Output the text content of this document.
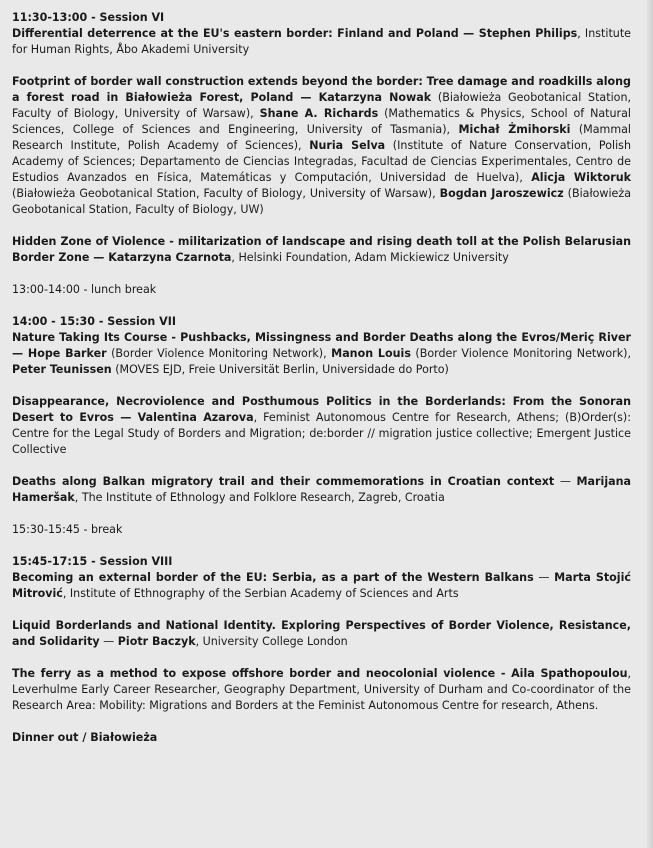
11:30-13:00 - Session VI

Differential deterrence at the EU's eastern border: Finland and Poland — Stephen Philips, Institute for Human Rights, Åbo Akademi University

Footprint of border wall construction extends beyond the border: Tree damage and roadkills along a forest road in Białowieża Forest, Poland — Katarzyna Nowak (Białowieża Geobotanical Station, Faculty of Biology, University of Warsaw), Shane A. Richards (Mathematics & Physics, School of Natural Sciences, College of Sciences and Engineering, University of Tasmania), Michał Żmihorski (Mammal Research Institute, Polish Academy of Sciences), Nuria Selva (Institute of Nature Conservation, Polish Academy of Sciences; Departamento de Ciencias Integradas, Facultad de Ciencias Experimentales, Centro de Estudios Avanzados en Física, Matemáticas y Computación, Universidad de Huelva), Alicja Wiktoruk (Białowieża Geobotanical Station, Faculty of Biology, University of Warsaw), Bogdan Jaroszewicz (Białowieża Geobotanical Station, Faculty of Biology, UW)

Hidden Zone of Violence - militarization of landscape and rising death toll at the Polish Belarusian Border Zone — Katarzyna Czarnota, Helsinki Foundation, Adam Mickiewicz University

13:00-14:00 - lunch break

14:00 - 15:30 - Session VII

Nature Taking Its Course - Pushbacks, Missingness and Border Deaths along the Evros/Meriç River — Hope Barker (Border Violence Monitoring Network), Manon Louis (Border Violence Monitoring Network), Peter Teunissen (MOVES EJD, Freie Universität Berlin, Universidade do Porto)

Disappearance, Necroviolence and Posthumous Politics in the Borderlands: From the Sonoran Desert to Evros — Valentina Azarova, Feminist Autonomous Centre for Research, Athens; (B)Order(s): Centre for the Legal Study of Borders and Migration; de:border // migration justice collective; Emergent Justice Collective

Deaths along Balkan migratory trail and their commemorations in Croatian context — Marijana Hameršak, The Institute of Ethnology and Folklore Research, Zagreb, Croatia

15:30-15:45 - break

15:45-17:15 - Session VIII

Becoming an external border of the EU: Serbia, as a part of the Western Balkans — Marta Stojić Mitrović, Institute of Ethnography of the Serbian Academy of Sciences and Arts

Liquid Borderlands and National Identity. Exploring Perspectives of Border Violence, Resistance, and Solidarity — Piotr Baczyk, University College London

The ferry as a method to expose offshore border and neocolonial violence - Aila Spathopoulou, Leverhulme Early Career Researcher, Geography Department, University of Durham and Co-coordinator of the Research Area: Mobility: Migrations and Borders at the Feminist Autonomous Centre for research, Athens.

Dinner out / Białowieża
